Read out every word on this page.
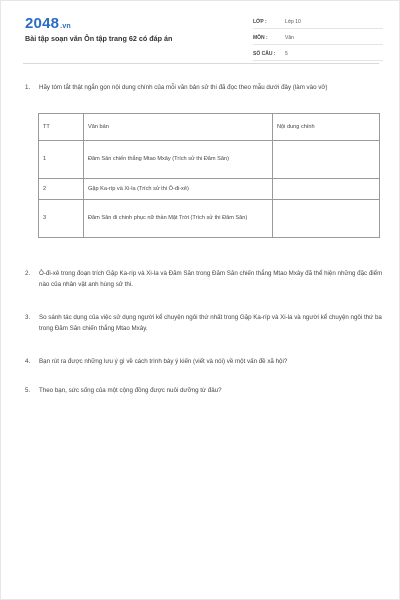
2048.vn
Bài tập soạn văn Ôn tập trang 62 có đáp án
LỚP :	Lớp 10
MÔN :	Văn
SỐ CÂU :	5
1.	Hãy tóm tắt thật ngắn gọn nội dung chính của mỗi văn bản sử thi đã đọc theo mẫu dưới đây (làm vào vở)
TT	Văn bản	Nội dung chính
1	Đăm Săn chiến thắng Mtao Mxây (Trích sử thi Đăm Săn)	
2	Gặp Ka-ríp và Xi-la (Trích sử thi Ô-đi-xê)	
3	Đăm Săn đi chinh phục nữ thần Mặt Trời (Trích sử thi Đăm Săn)	
2.	Ô-đi-xê trong đoạn trích Gặp Ka-ríp và Xi-la và Đăm Săn trong Đăm Săn chiến thắng Mtao Mxây đã thể hiện những đặc điểm nào của nhân vật anh hùng sử thi.
3.	So sánh tác dụng của việc sử dụng người kể chuyện ngôi thứ nhất trong Gặp Ka-ríp và Xi-la và người kể chuyện ngôi thứ ba trong Đăm Săn chiến thắng Mtao Mxây.
4.	Bạn rút ra được những lưu ý gì về cách trình bày ý kiến (viết và nói) về một vấn đề xã hội?
5.	Theo bạn, sức sống của một cộng đồng được nuôi dưỡng từ đâu?
